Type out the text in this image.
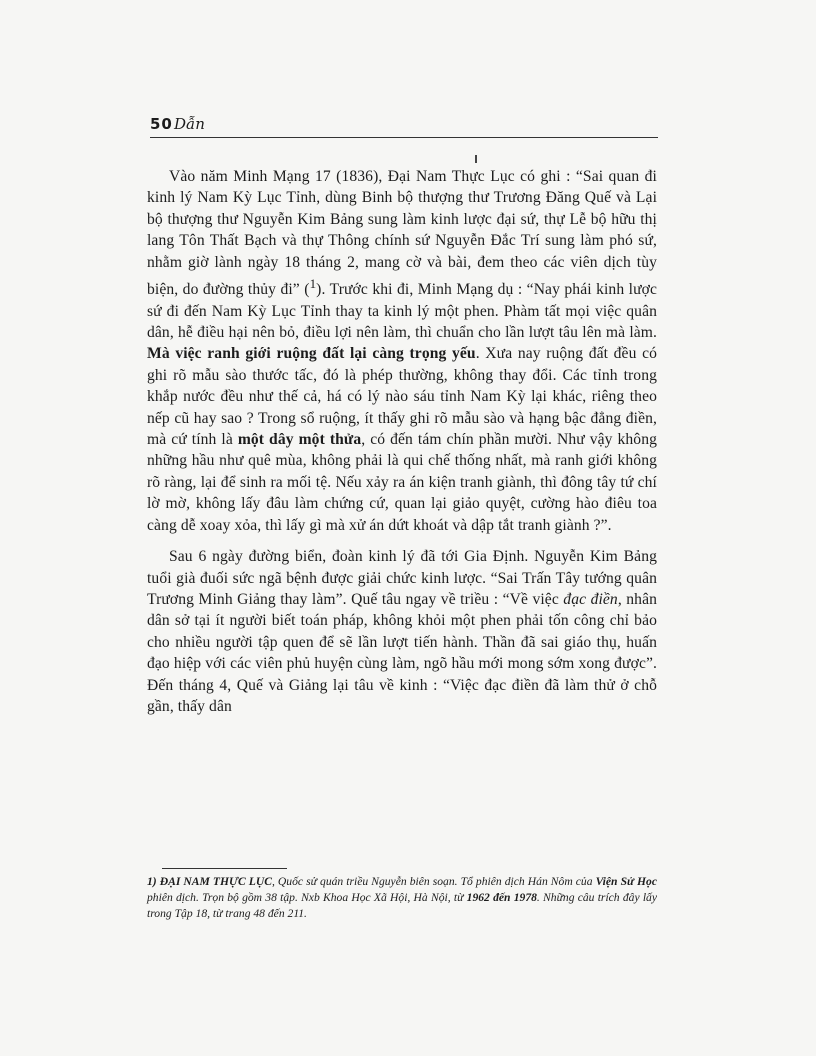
50 Dẫn

Vào năm Minh Mạng 17 (1836), Đại Nam Thực Lục có ghi : “Sai quan đi kinh lý Nam Kỳ Lục Tỉnh, dùng Binh bộ thượng thư Trương Đăng Quế và Lại bộ thượng thư Nguyễn Kim Bảng sung làm kinh lược đại sứ, thự Lễ bộ hữu thị lang Tôn Thất Bạch và thự Thông chính sứ Nguyễn Đắc Trí sung làm phó sứ, nhằm giờ lành ngày 18 tháng 2, mang cờ và bài, đem theo các viên dịch tùy biện, do đường thủy đi” ($^1$). Trước khi đi, Minh Mạng dụ : “Nay phái kinh lược sứ đi đến Nam Kỳ Lục Tỉnh thay ta kinh lý một phen. Phàm tất mọi việc quân dân, hễ điều hại nên bỏ, điều lợi nên làm, thì chuẩn cho lần lượt tâu lên mà làm. Mà việc ranh giới ruộng đất lại càng trọng yếu. Xưa nay ruộng đất đều có ghi rõ mẫu sào thước tấc, đó là phép thường, không thay đổi. Các tỉnh trong khắp nước đều như thế cả, há có lý nào sáu tỉnh Nam Kỳ lại khác, riêng theo nếp cũ hay sao ? Trong sổ ruộng, ít thấy ghi rõ mẫu sào và hạng bậc đẳng điền, mà cứ tính là một dây một thửa, có đến tám chín phần mười. Như vậy không những hầu như quê mùa, không phải là qui chế thống nhất, mà ranh giới không rõ ràng, lại để sinh ra mối tệ. Nếu xảy ra án kiện tranh giành, thì đông tây tứ chí lờ mờ, không lấy đâu làm chứng cứ, quan lại giảo quyệt, cường hào điêu toa càng dễ xoay xỏa, thì lấy gì mà xử án dứt khoát và dập tắt tranh giành ?”.

Sau 6 ngày đường biển, đoàn kinh lý đã tới Gia Định. Nguyễn Kim Bảng tuổi già đuối sức ngã bệnh được giải chức kinh lược. “Sai Trấn Tây tướng quân Trương Minh Giảng thay làm”. Quế tâu ngay về triều : “Về việc đạc điền, nhân dân sở tại ít người biết toán pháp, không khỏi một phen phải tốn công chỉ bảo cho nhiều người tập quen để sẽ lần lượt tiến hành. Thần đã sai giáo thụ, huấn đạo hiệp với các viên phủ huyện cùng làm, ngõ hầu mới mong sớm xong được”. Đến tháng 4, Quế và Giảng lại tâu về kinh : “Việc đạc điền đã làm thử ở chỗ gần, thấy dân

1) ĐẠI NAM THỰC LỤC, Quốc sử quán triều Nguyễn biên soạn. Tổ phiên dịch Hán Nôm của Viện Sử Học phiên dịch. Trọn bộ gồm 38 tập. Nxb Khoa Học Xã Hội, Hà Nội, từ 1962 đến 1978. Những câu trích đây lấy trong Tập 18, từ trang 48 đến 211.
